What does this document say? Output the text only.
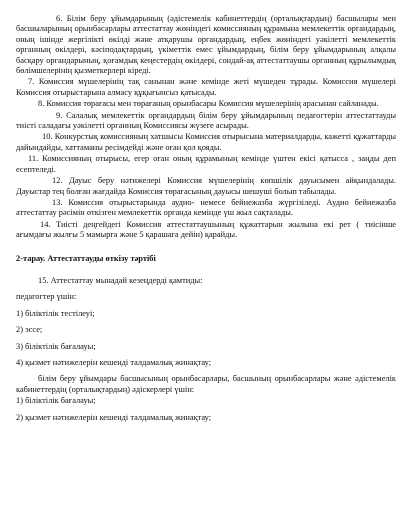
6. Білім беру ұйымдарының (әдістемелік кабинеттердің (орталықтардың) басшылары мен басшыларының орынбасарлары аттестаттау жөніндегі комиссияның құрамына мемлекеттік органдардың, оның ішінде жергілікті өкілді және атқарушы органдардың, еңбек жөніндегі уәкілетті мемлекеттік органның өкілдері, кәсіподақтардың, үкіметтік емес ұйымдардың, білім беру ұйымдарының алқалы басқару органдарының, қоғамдық кеңестердің өкілдері, сондай-ақ аттестаттаушы органның құрылымдық бөлімшелерінің қызметкерлері кіреді.

7. Комиссия мүшелерінің тақ санынан және кемінде жеті мүшеден тұрады. Комиссия мүшелері Комиссия отырыстарына алмасу құқығынсыз қатысады.

8. Комиссия төрағасы мен төрағаның орынбасары Комиссия мүшелерінің арасынан сайланады.

9. Салалық мемлекеттік органдардың білім беру ұйымдарының педагогтерін аттестаттауды тиісті саладағы уәкілетті органның Комиссиясы жүзеге асырады.

10. Конкурстық комиссияның хатшысы Комиссия отырысына материалдарды, кажетті құжаттарды дайындайды, хаттаманы ресімдейді және оған қол қояды.

11. Комиссияның отырысы, егер оған оның құрамының кемінде үштен екісі қатысса , заңды деп есептеледі.

12. Дауыс беру нәтижелері Комиссия мүшелерінің көпшілік дауысымен айқындалады. Дауыстар тең болған жағдайда Комиссия төрағасының дауысы шешуші болып табылады.

13. Комиссия отырыстарында аудио- немесе бейнежазба жүргізіледі. Аудио бейнежазба аттестаттау рәсімін өткізген мемлекеттік органда кемінде үш жыл сақталады.

14. Тиісті деңгейдегі Комиссия аттестаттаушының құжаттарын жылына екі рет ( тиісінше ағымдағы жылғы 5 мамырға және 5 қарашаға дейін) қарайды.

2-тарау. Аттестаттауды өткізу тәртібі

15. Аттестаттау мынадай кезеңдерді қамтиды:

педагогтер үшін:

1) біліктілік тестілеуі;

2) эссе;

3) біліктілік бағалауы;

4) қызмет нәтижелерін кешенді талдамалық жинақтау;

білім беру ұйымдары басшысының орынбасарлары, басшының орынбасарлары және әдістемелік кабинеттердің (орталықтардың) әдіскерлері үшін:

1) біліктілік бағалауы;

2) қызмет нәтижелерін кешенді талдамалық жинақтау;
